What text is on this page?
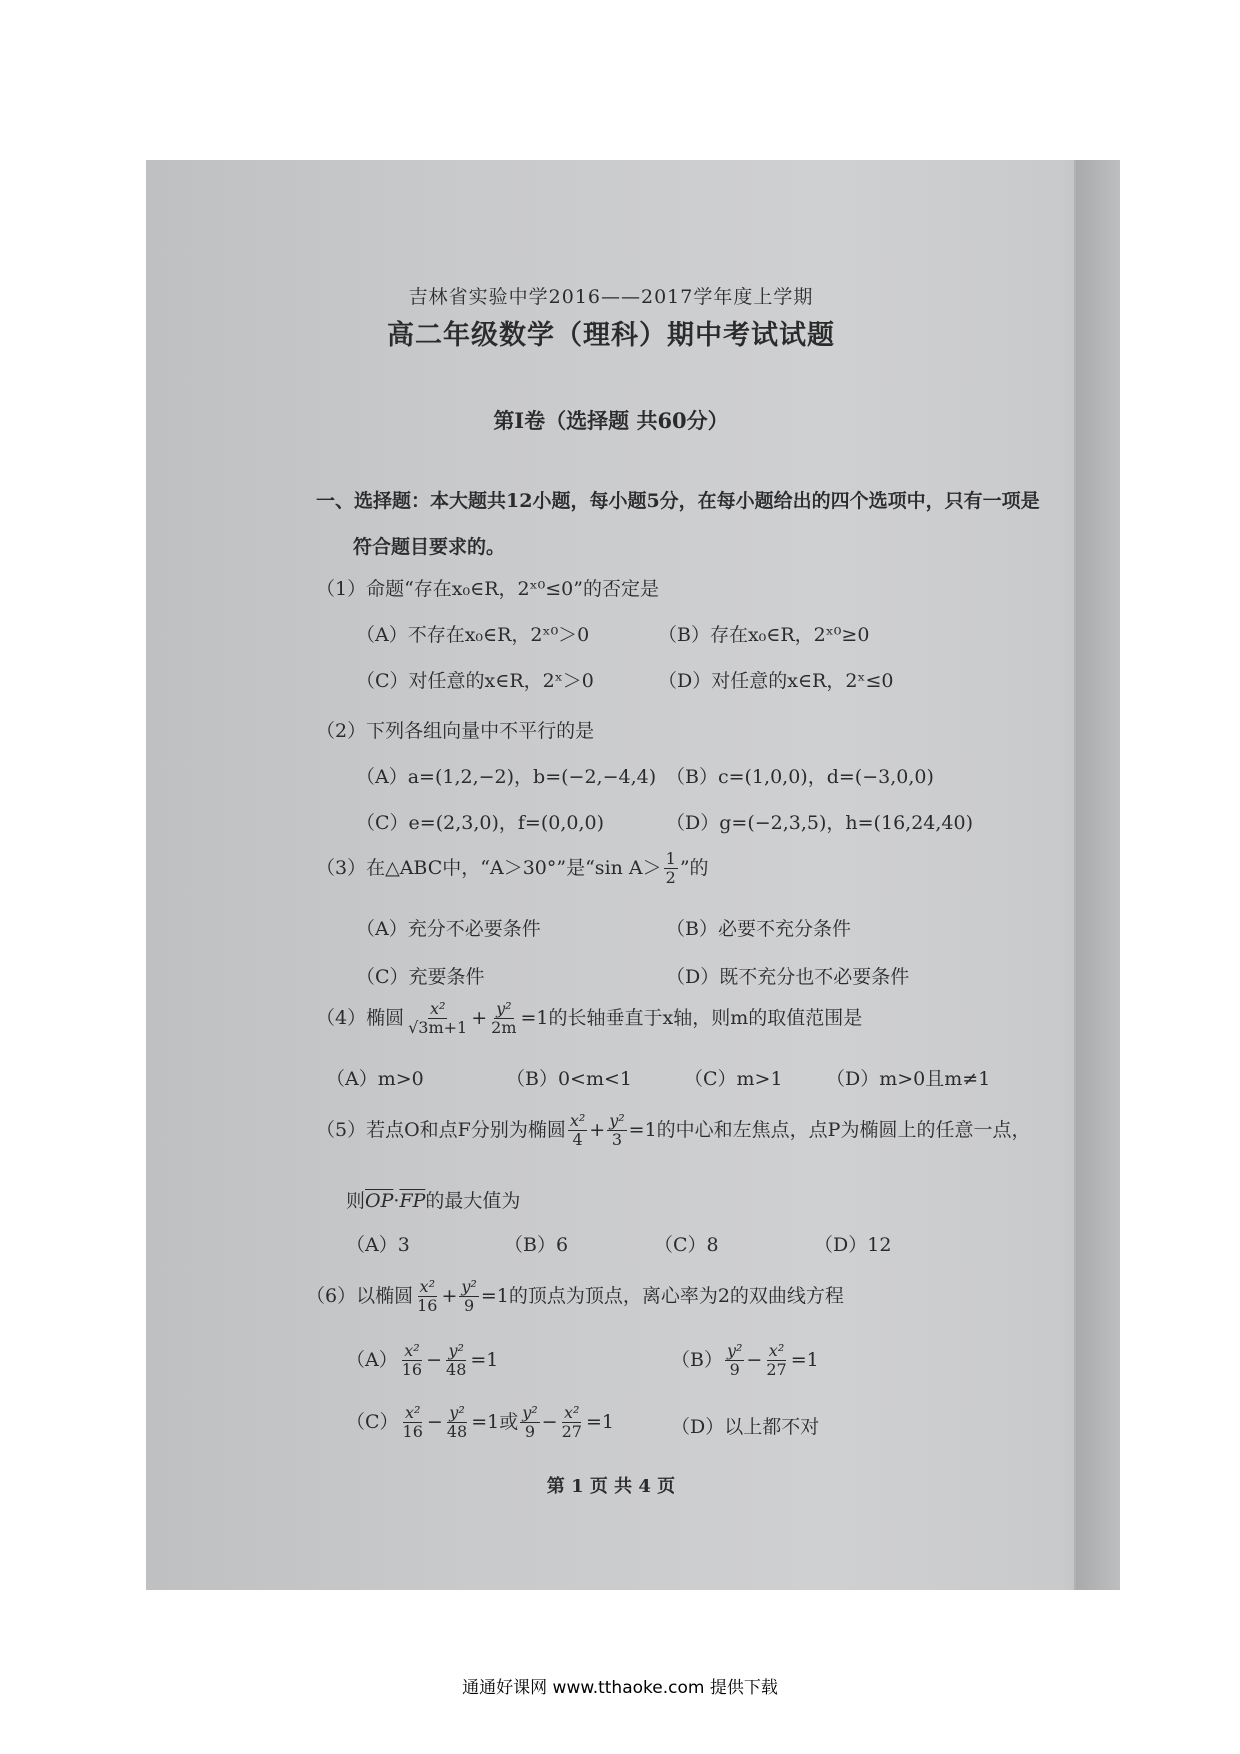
吉林省实验中学2016——2017学年度上学期
高二年级数学（理科）期中考试试题
第Ⅰ卷（选择题 共60分）
一、选择题：本大题共12小题，每小题5分，在每小题给出的四个选项中，只有一项是
符合题目要求的。
（1）命题“存在x₀∈R，2ˣ⁰≤0”的否定是
（A）不存在x₀∈R，2ˣ⁰＞0	（B）存在x₀∈R，2ˣ⁰≥0
（C）对任意的x∈R，2ˣ＞0	（D）对任意的x∈R，2ˣ≤0
（2）下列各组向量中不平行的是
（A）a=(1,2,−2)，b=(−2,−4,4) （B）c=(1,0,0)，d=(−3,0,0)
（C）e=(2,3,0)，f=(0,0,0)	（D）g=(−2,3,5)，h=(16,24,40)
（3）在△ABC中，“A＞30°”是“sin $A> \frac{1}{2}$ ”的
（A）充分不必要条件	（B）必要不充分条件
（C）充要条件	（D）既不充分也不必要条件
（4）椭圆 $\frac{\text{x²}}{√3m+1} + \frac{\text{y²}}{2m} =1$的长轴垂直于x轴，则m的取值范围是
（A）m>0	（B）0<m<1	（C）m>1 （D）m>0且m≠1
（5）若点O和点F分别为椭圆 $\frac{\text{x²}}{4} + \frac{\text{y²}}{3} =1$的中心和左焦点，点P为椭圆上的任意一点，
则$\overline{OP}\cdot\overline{FP}$的最大值为
（A）3	（B）6	（C）8	（D）12
（6）以椭圆 $\frac{\text{x²}}{16} + \frac{\text{y²}}{9} =1$的顶点为顶点，离心率为2的双曲线方程
$(A) \frac{\text{x²}}{16} - \frac{\text{y²}}{48} =1$	$(B) \frac{\text{y²}}{9} - \frac{\text{x²}}{27} =1$
$(C) \frac{\text{x²}}{16} - \frac{\text{y²}}{48} =1$或 $\frac{\text{y²}}{9} - \frac{\text{x²}}{27} =1$	（D）以上都不对
第 1 页 共 4 页
通通好课网 www.tthaoke.com 提供下载
